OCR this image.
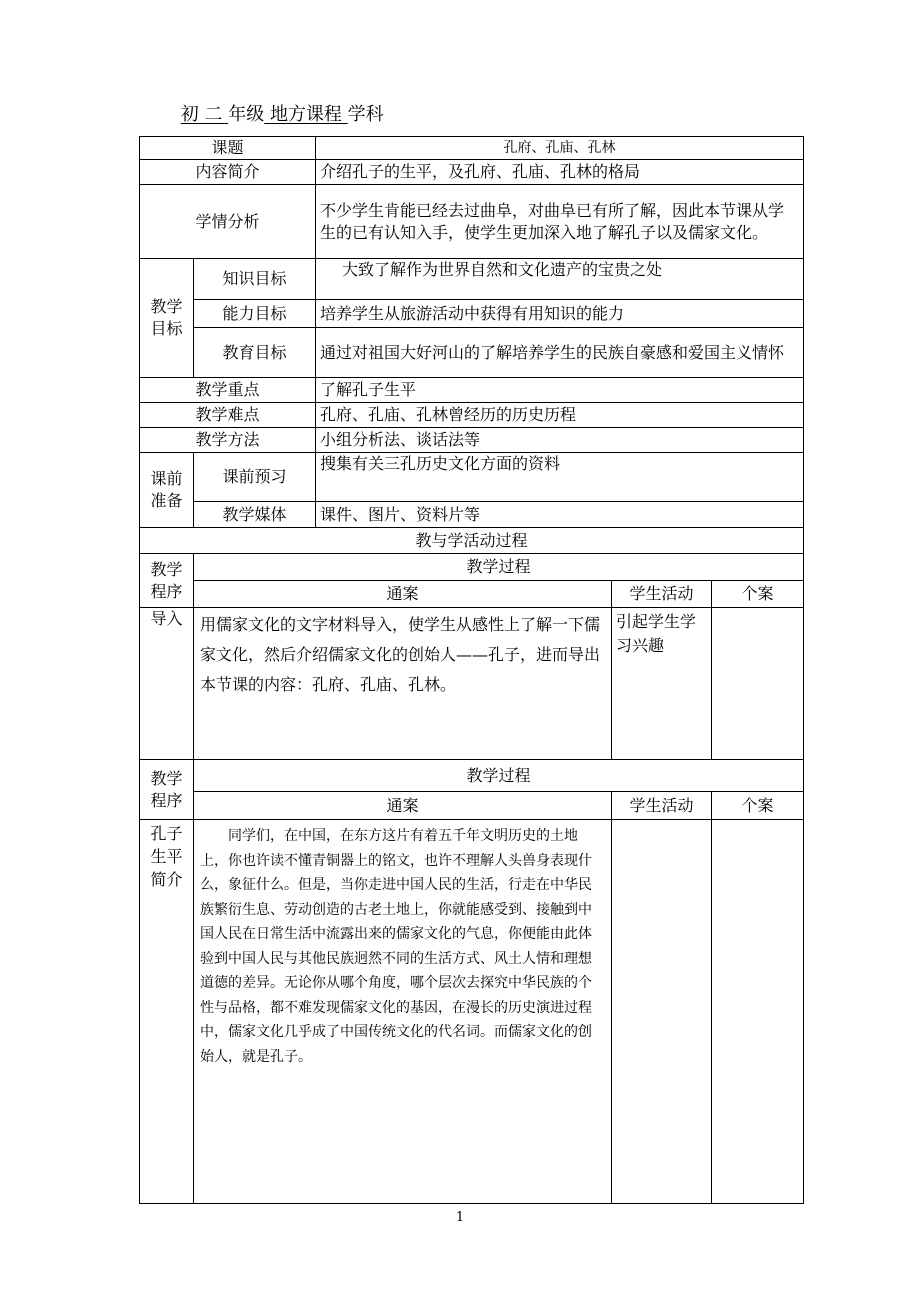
初 二 年级 地方课程 学科
课题		孔府、孔庙、孔林		
内容简介		介绍孔子的生平，及孔府、孔庙、孔林的格局		
学情分析		不少学生肯能已经去过曲阜，对曲阜已有所了解，因此本节课从学生的已有认知入手，使学生更加深入地了解孔子以及儒家文化。		
教学目标	知识目标	大致了解作为世界自然和文化遗产的宝贵之处		
	能力目标	培养学生从旅游活动中获得有用知识的能力		
	教育目标	通过对祖国大好河山的了解培养学生的民族自豪感和爱国主义情怀		
教学重点		了解孔子生平		
教学难点		孔府、孔庙、孔林曾经历的历史历程		
教学方法		小组分析法、谈话法等		
课前准备	课前预习	搜集有关三孔历史文化方面的资料		
	教学媒体	课件、图片、资料片等		
教与学活动过程				
教学程序	教学过程			
	通案		学生活动	个案
导入	用儒家文化的文字材料导入，使学生从感性上了解一下儒家文化，然后介绍儒家文化的创始人——孔子，进而导出本节课的内容：孔府、孔庙、孔林。		引起学生学习兴趣	
教学程序	教学过程			
	通案		学生活动	个案
孔子生平简介	同学们，在中国，在东方这片有着五千年文明历史的土地上，你也许读不懂青铜器上的铭文，也许不理解人头兽身表现什么，象征什么。但是，当你走进中国人民的生活，行走在中华民族繁衍生息、劳动创造的古老土地上，你就能感受到、接触到中国人民在日常生活中流露出来的儒家文化的气息，你便能由此体验到中国人民与其他民族迥然不同的生活方式、风土人情和理想道德的差异。无论你从哪个角度，哪个层次去探究中华民族的个性与品格，都不难发现儒家文化的基因，在漫长的历史演进过程中，儒家文化几乎成了中国传统文化的代名词。而儒家文化的创始人，就是孔子。			
1
